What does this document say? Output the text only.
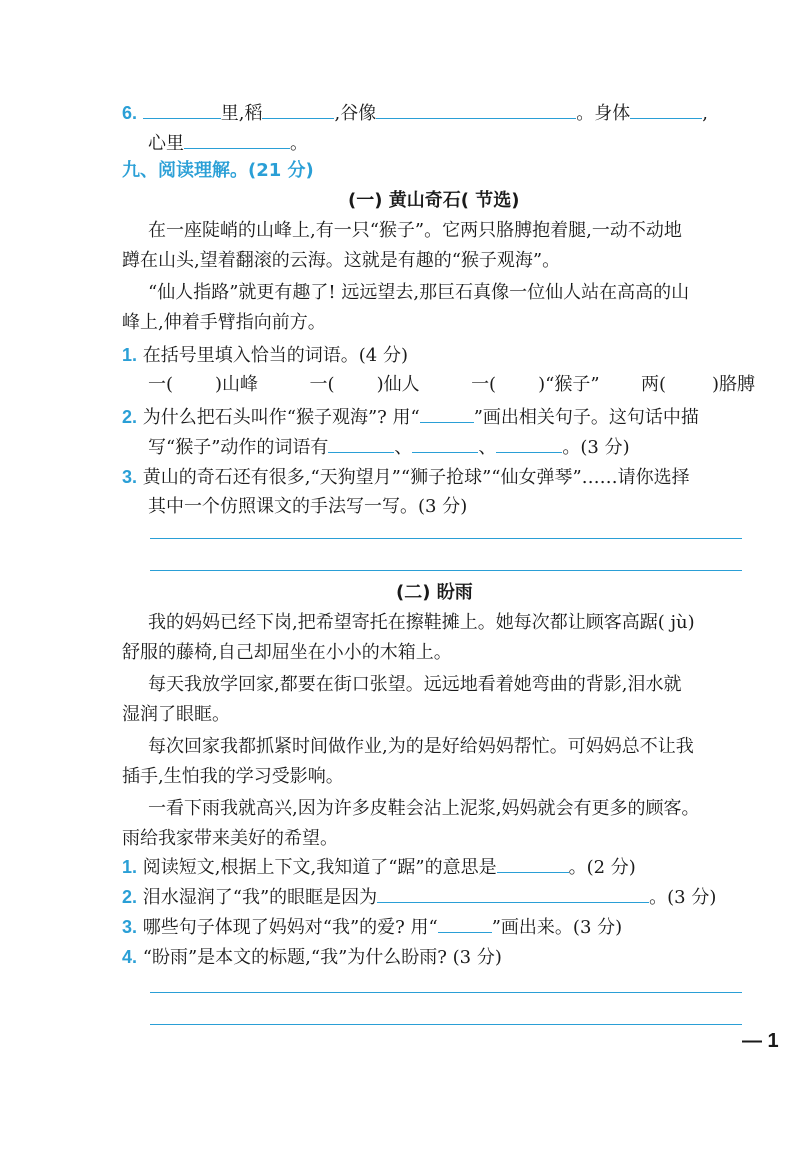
6.	里,稻	,谷像	。身体	,
心里	。
九、阅读理解。(21 分)
(一) 黄山奇石( 节选)
在一座陡峭的山峰上,有一只“猴子”。它两只胳膊抱着腿,一动不动地
蹲在山头,望着翻滚的云海。这就是有趣的“猴子观海”。
“仙人指路”就更有趣了! 远远望去,那巨石真像一位仙人站在高高的山
峰上,伸着手臂指向前方。
1. 在括号里填入恰当的词语。(4 分)
一( )山峰	一( )仙人	一( )“猴子” 两(	)胳膊
2. 为什么把石头叫作“猴子观海”? 用“	”画出相关句子。这句话中描
写“猴子”动作的词语有	、	、	。(3 分)
3. 黄山的奇石还有很多,“天狗望月”“狮子抢球”“仙女弹琴”……请你选择
其中一个仿照课文的手法写一写。(3 分)
(二) 盼雨
我的妈妈已经下岗,把希望寄托在擦鞋摊上。她每次都让顾客高踞( jù)
舒服的藤椅,自己却屈坐在小小的木箱上。
每天我放学回家,都要在街口张望。远远地看着她弯曲的背影,泪水就
湿润了眼眶。
每次回家我都抓紧时间做作业,为的是好给妈妈帮忙。可妈妈总不让我
插手,生怕我的学习受影响。
一看下雨我就高兴,因为许多皮鞋会沾上泥浆,妈妈就会有更多的顾客。
雨给我家带来美好的希望。
1. 阅读短文,根据上下文,我知道了“踞”的意思是	。(2 分)
2. 泪水湿润了“我”的眼眶是因为	。(3 分)
3. 哪些句子体现了妈妈对“我”的爱? 用“	”画出来。(3 分)
4. “盼雨”是本文的标题,“我”为什么盼雨? (3 分)
— 1
